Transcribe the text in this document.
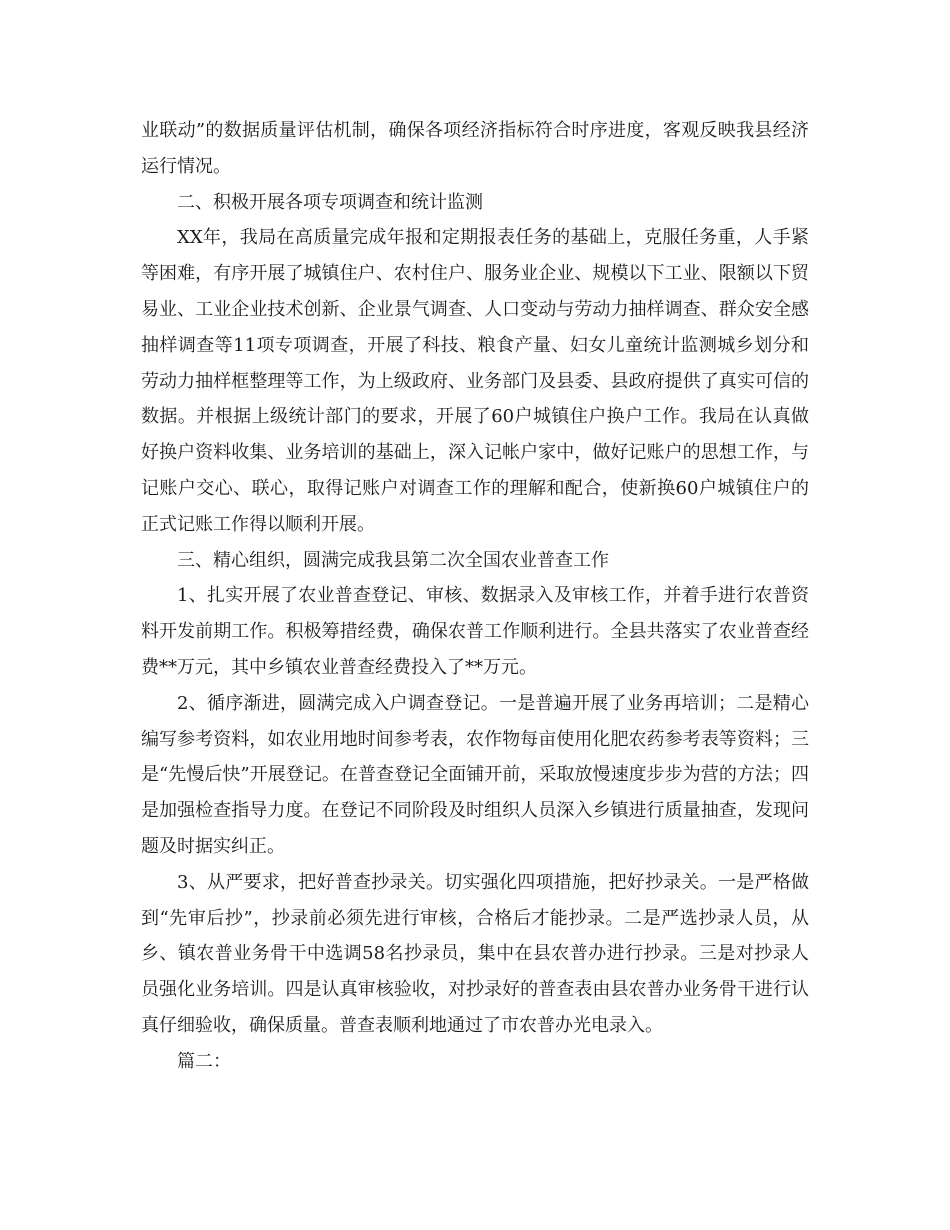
业联动”的数据质量评估机制，确保各项经济指标符合时序进度，客观反映我县经济运行情况。

二、积极开展各项专项调查和统计监测

XX年，我局在高质量完成年报和定期报表任务的基础上，克服任务重，人手紧等困难，有序开展了城镇住户、农村住户、服务业企业、规模以下工业、限额以下贸易业、工业企业技术创新、企业景气调查、人口变动与劳动力抽样调查、群众安全感抽样调查等11项专项调查，开展了科技、粮食产量、妇女儿童统计监测城乡划分和劳动力抽样框整理等工作，为上级政府、业务部门及县委、县政府提供了真实可信的数据。并根据上级统计部门的要求，开展了60户城镇住户换户工作。我局在认真做好换户资料收集、业务培训的基础上，深入记帐户家中，做好记账户的思想工作，与记账户交心、联心，取得记账户对调查工作的理解和配合，使新换60户城镇住户的正式记账工作得以顺利开展。

三、精心组织，圆满完成我县第二次全国农业普查工作

1、扎实开展了农业普查登记、审核、数据录入及审核工作，并着手进行农普资料开发前期工作。积极筹措经费，确保农普工作顺利进行。全县共落实了农业普查经费**万元，其中乡镇农业普查经费投入了**万元。

2、循序渐进，圆满完成入户调查登记。一是普遍开展了业务再培训；二是精心编写参考资料，如农业用地时间参考表，农作物每亩使用化肥农药参考表等资料；三是“先慢后快”开展登记。在普查登记全面铺开前，采取放慢速度步步为营的方法；四是加强检查指导力度。在登记不同阶段及时组织人员深入乡镇进行质量抽查，发现问题及时据实纠正。

3、从严要求，把好普查抄录关。切实强化四项措施，把好抄录关。一是严格做到“先审后抄”，抄录前必须先进行审核，合格后才能抄录。二是严选抄录人员，从乡、镇农普业务骨干中选调58名抄录员，集中在县农普办进行抄录。三是对抄录人员强化业务培训。四是认真审核验收，对抄录好的普查表由县农普办业务骨干进行认真仔细验收，确保质量。普查表顺利地通过了市农普办光电录入。

篇二：
